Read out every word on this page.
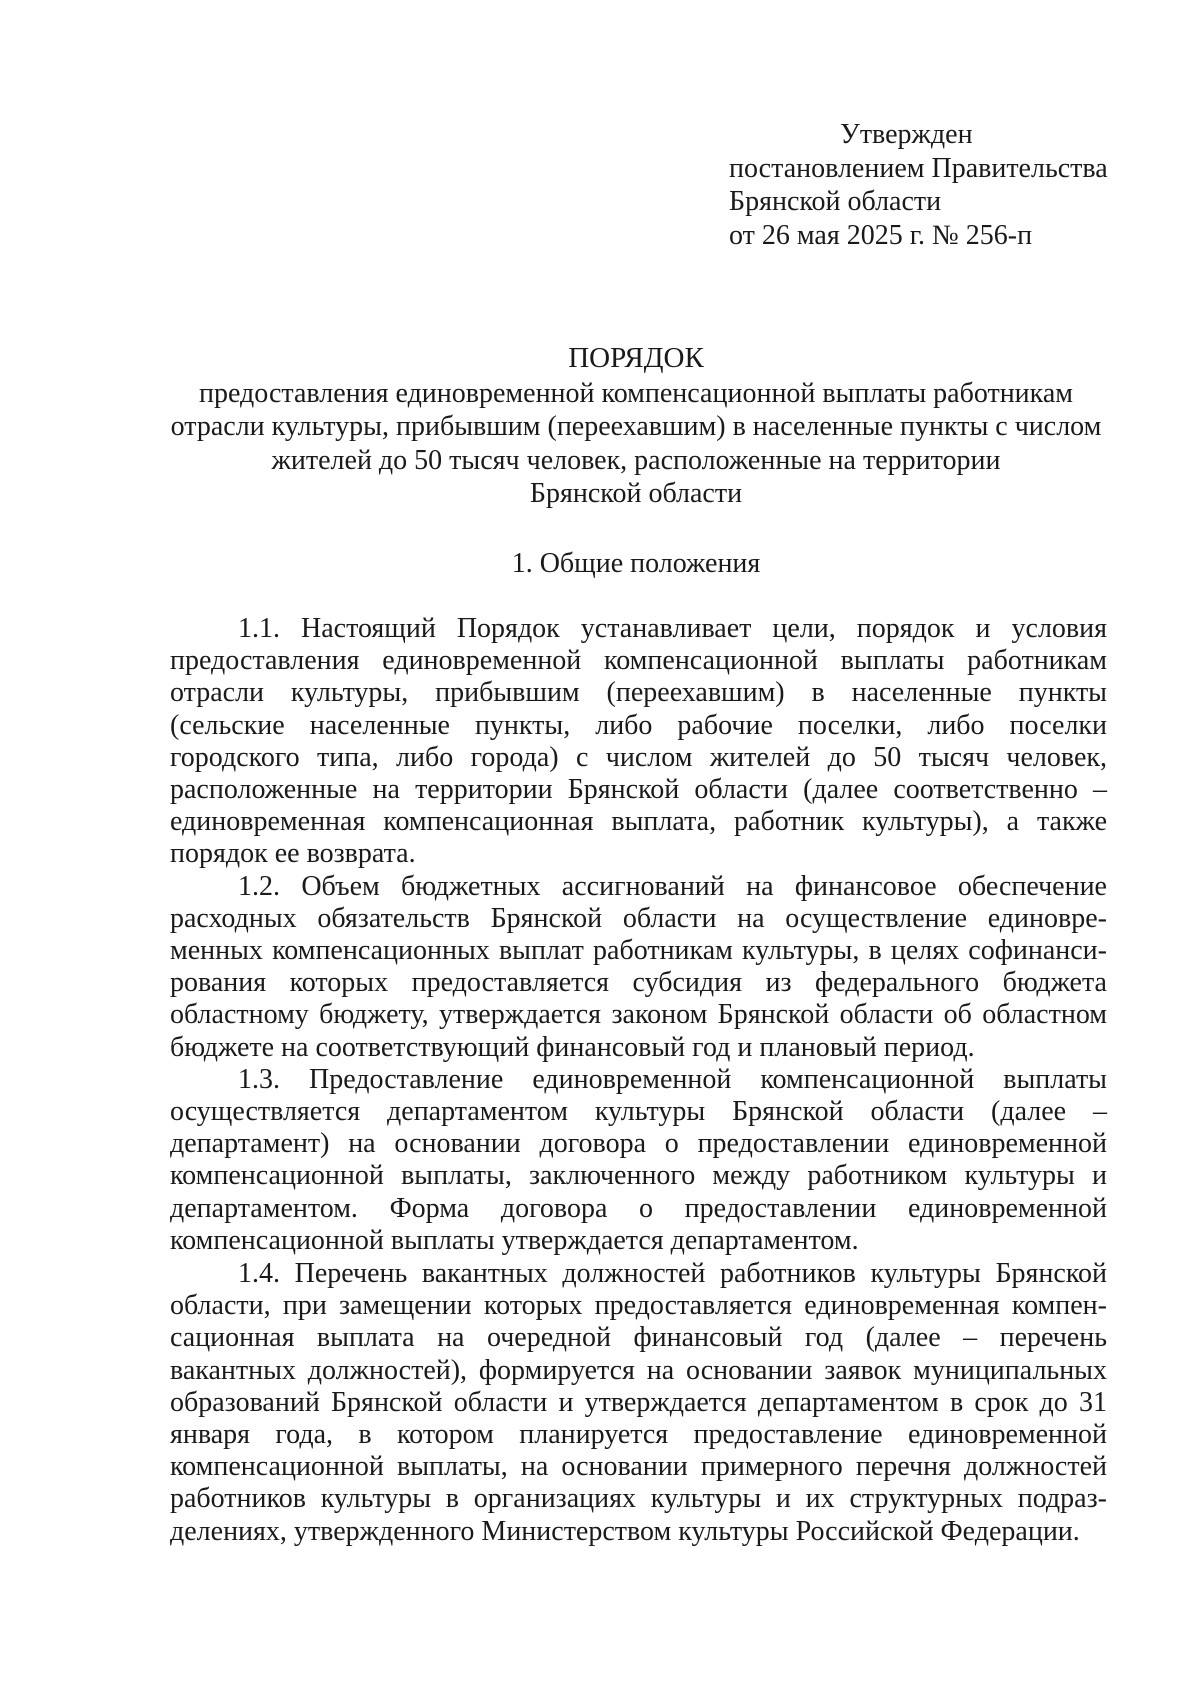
Утвержден
постановлением Правительства
Брянской области
от 26 мая 2025 г. № 256-п
ПОРЯДОК
предоставления единовременной компенсационной выплаты работникам
отрасли культуры, прибывшим (переехавшим) в населенные пункты с числом
жителей до 50 тысяч человек, расположенные на территории
Брянской области
1. Общие положения

1.1. Настоящий Порядок устанавливает цели, порядок и условия предоставления единовременной компенсационной выплаты работникам отрасли культуры, прибывшим (переехавшим) в населенные пункты (сельские населенные пункты, либо рабочие поселки, либо поселки городского типа, либо города) с числом жителей до 50 тысяч человек, расположенные на территории Брянской области (далее соответственно – единовременная компенсационная выплата, работник культуры), а также порядок ее возврата.

1.2. Объем бюджетных ассигнований на финансовое обеспечение расходных обязательств Брянской области на осуществление единовременных компенсационных выплат работникам культуры, в целях софинансирования которых предоставляется субсидия из федерального бюджета областному бюджету, утверждается законом Брянской области об областном бюджете на соответствующий финансовый год и плановый период.

1.3. Предоставление единовременной компенсационной выплаты осуществляется департаментом культуры Брянской области (далее – департамент) на основании договора о предоставлении единовременной компенсационной выплаты, заключенного между работником культуры и департаментом. Форма договора о предоставлении единовременной компенсационной выплаты утверждается департаментом.

1.4. Перечень вакантных должностей работников культуры Брянской области, при замещении которых предоставляется единовременная компенсационная выплата на очередной финансовый год (далее – перечень вакантных должностей), формируется на основании заявок муниципальных образований Брянской области и утверждается департаментом в срок до 31 января года, в котором планируется предоставление единовременной компенсационной выплаты, на основании примерного перечня должностей работников культуры в организациях культуры и их структурных подразделениях, утвержденного Министерством культуры Российской Федерации.
